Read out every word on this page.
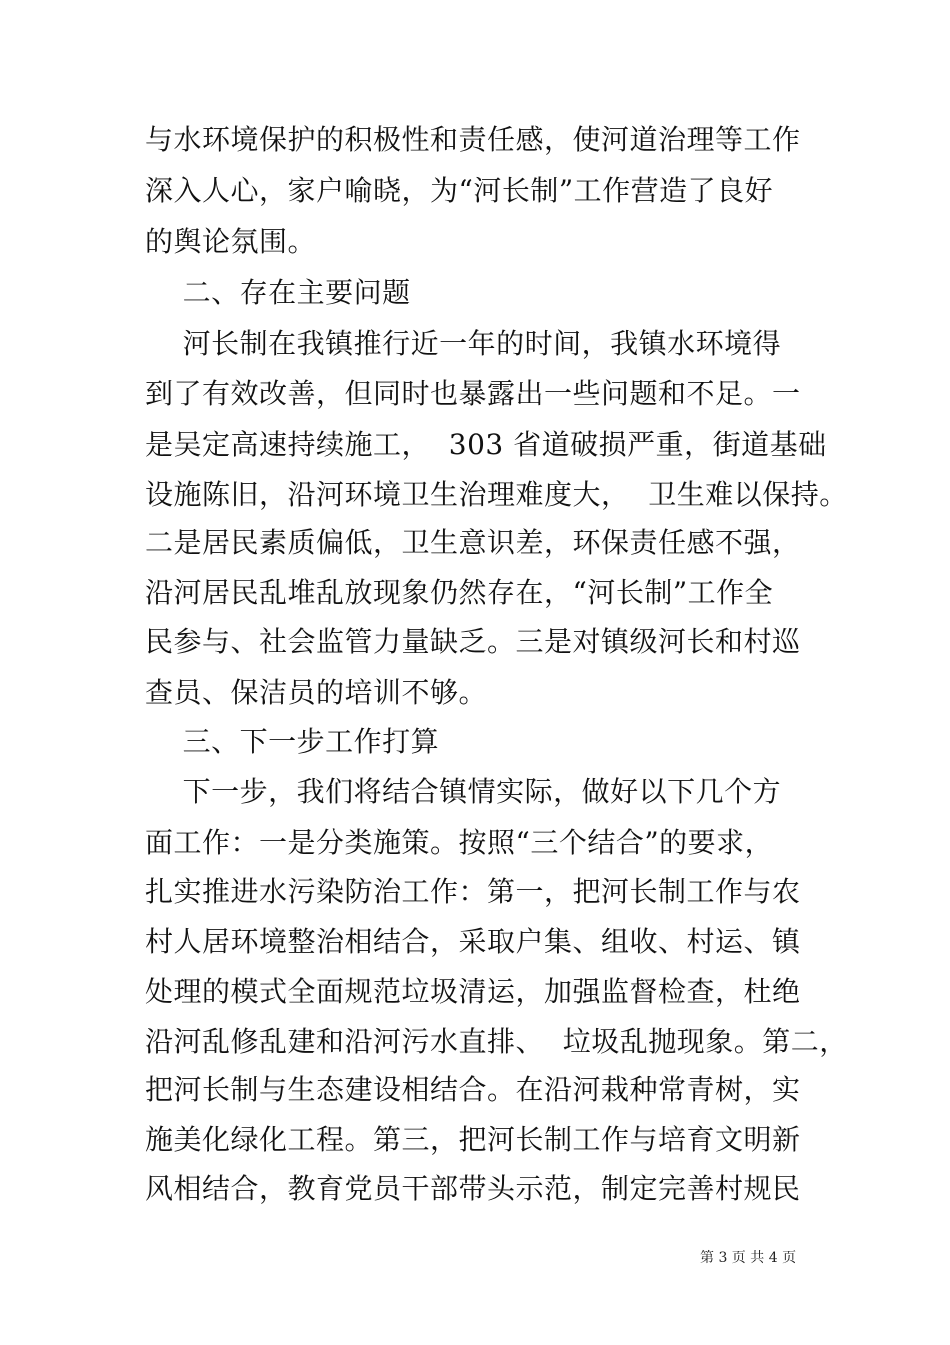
与水环境保护的积极性和责任感，使河道治理等工作
深入人心，家户喻晓，为“河长制”工作营造了良好
的舆论氛围。
二、存在主要问题
河长制在我镇推行近一年的时间，我镇水环境得
到了有效改善，但同时也暴露出一些问题和不足。一
是吴定高速持续施工，  303 省道破损严重，街道基础
设施陈旧，沿河环境卫生治理难度大，  卫生难以保持。
二是居民素质偏低，卫生意识差，环保责任感不强，
沿河居民乱堆乱放现象仍然存在，“河长制”工作全
民参与、社会监管力量缺乏。三是对镇级河长和村巡
查员、保洁员的培训不够。
三、下一步工作打算
下一步，我们将结合镇情实际，做好以下几个方
面工作：一是分类施策。按照“三个结合”的要求，
扎实推进水污染防治工作：第一，把河长制工作与农
村人居环境整治相结合，采取户集、组收、村运、镇
处理的模式全面规范垃圾清运，加强监督检查，杜绝
沿河乱修乱建和沿河污水直排、  垃圾乱抛现象。第二，
把河长制与生态建设相结合。在沿河栽种常青树，实
施美化绿化工程。第三，把河长制工作与培育文明新
风相结合，教育党员干部带头示范，制定完善村规民
第 3 页 共 4 页
